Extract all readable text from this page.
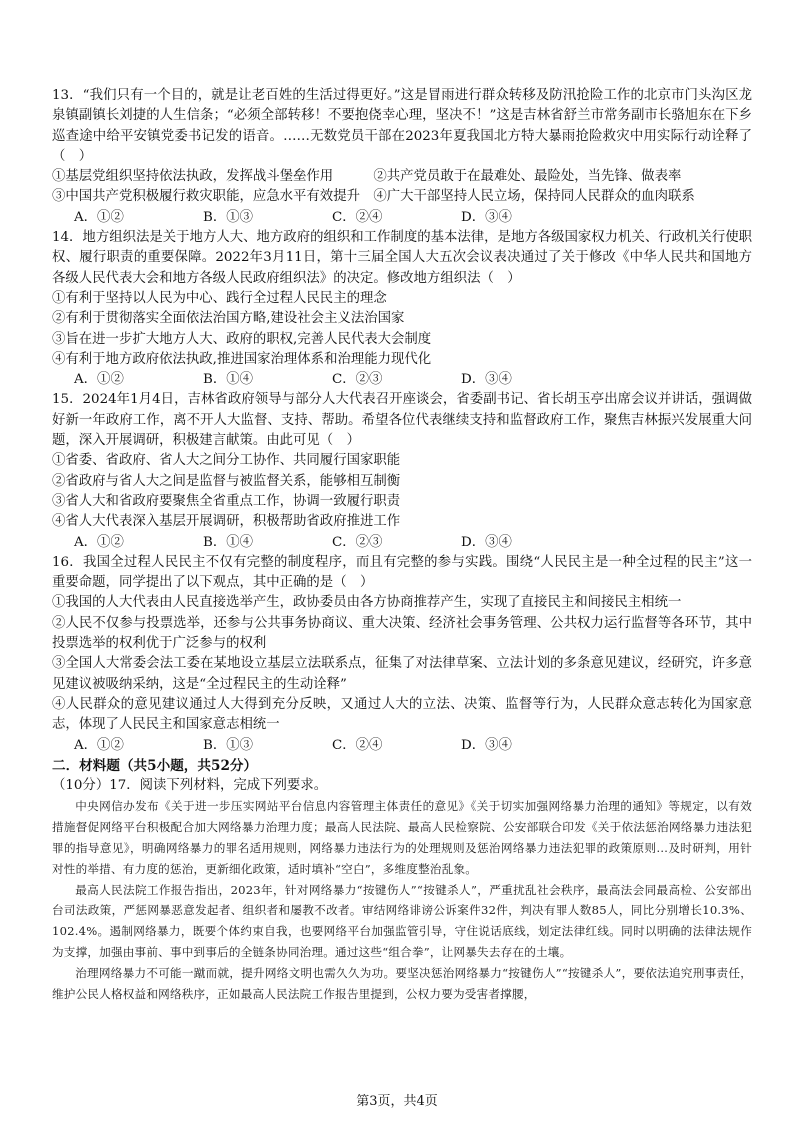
13．“我们只有一个目的，就是让老百姓的生活过得更好。”这是冒雨进行群众转移及防汛抢险工作的北京市门头沟区龙泉镇副镇长刘捷的人生信条；“必须全部转移！不要抱侥幸心理，坚决不！”这是吉林省舒兰市常务副市长骆旭东在下乡巡查途中给平安镇党委书记发的语音。……无数党员干部在2023年夏我国北方特大暴雨抢险救灾中用实际行动诠释了（　）

①基层党组织坚持依法执政，发挥战斗堡垒作用　　　②共产党员敢于在最难处、最险处，当先锋、做表率

③中国共产党积极履行救灾职能，应急水平有效提升　④广大干部坚持人民立场，保持同人民群众的血肉联系

A．①②	B．①③	C．②④	D．③④

14．地方组织法是关于地方人大、地方政府的组织和工作制度的基本法律，是地方各级国家权力机关、行政机关行使职权、履行职责的重要保障。2022年3月11日，第十三届全国人大五次会议表决通过了关于修改《中华人民共和国地方各级人民代表大会和地方各级人民政府组织法》的决定。修改地方组织法（　）

①有利于坚持以人民为中心、践行全过程人民民主的理念

②有利于贯彻落实全面依法治国方略,建设社会主义法治国家

③旨在进一步扩大地方人大、政府的职权,完善人民代表大会制度

④有利于地方政府依法执政,推进国家治理体系和治理能力现代化

A．①②	B．①④	C．②③	D．③④

15．2024年1月4日，吉林省政府领导与部分人大代表召开座谈会，省委副书记、省长胡玉亭出席会议并讲话，强调做好新一年政府工作，离不开人大监督、支持、帮助。希望各位代表继续支持和监督政府工作，聚焦吉林振兴发展重大问题，深入开展调研，积极建言献策。由此可见（　）

①省委、省政府、省人大之间分工协作、共同履行国家职能

②省政府与省人大之间是监督与被监督关系，能够相互制衡

③省人大和省政府要聚焦全省重点工作，协调一致履行职责

④省人大代表深入基层开展调研，积极帮助省政府推进工作

A．①②	B．①④	C．②③	D．③④

16．我国全过程人民民主不仅有完整的制度程序，而且有完整的参与实践。围绕“人民民主是一种全过程的民主”这一重要命题，同学提出了以下观点，其中正确的是（　）

①我国的人大代表由人民直接选举产生，政协委员由各方协商推荐产生，实现了直接民主和间接民主相统一

②人民不仅参与投票选举，还参与公共事务协商议、重大决策、经济社会事务管理、公共权力运行监督等各环节，其中投票选举的权利优于广泛参与的权利

③全国人大常委会法工委在某地设立基层立法联系点，征集了对法律草案、立法计划的多条意见建议，经研究，许多意见建议被吸纳采纳，这是“全过程民主的生动诠释”

④人民群众的意见建议通过人大得到充分反映，又通过人大的立法、决策、监督等行为，人民群众意志转化为国家意志，体现了人民民主和国家意志相统一

A．①②	B．①③	C．②④	D．③④

二．材料题（共5小题，共52分）

（10分）17．阅读下列材料，完成下列要求。

中央网信办发布《关于进一步压实网站平台信息内容管理主体责任的意见》《关于切实加强网络暴力治理的通知》等规定，以有效措施督促网络平台积极配合加大网络暴力治理力度；最高人民法院、最高人民检察院、公安部联合印发《关于依法惩治网络暴力违法犯罪的指导意见》，明确网络暴力的罪名适用规则，网络暴力违法行为的处理规则及惩治网络暴力违法犯罪的政策原则…及时研判，用针对性的举措、有力度的惩治，更新细化政策，适时填补“空白”，多维度整治乱象。

最高人民法院工作报告指出，2023年，针对网络暴力“按键伤人”“按键杀人”，严重扰乱社会秩序，最高法会同最高检、公安部出台司法政策，严惩网暴恶意发起者、组织者和屡教不改者。审结网络诽谤公诉案件32件，判决有罪人数85人，同比分别增长10.3%、102.4%。遏制网络暴力，既要个体约束自我，也要网络平台加强监管引导，守住说话底线，划定法律红线。同时以明确的法律法规作为支撑，加强由事前、事中到事后的全链条协同治理。通过这些“组合拳”，让网暴失去存在的土壤。

治理网络暴力不可能一蹴而就，提升网络文明也需久久为功。要坚决惩治网络暴力“按键伤人”“按键杀人”，要依法追究刑事责任，维护公民人格权益和网络秩序，正如最高人民法院工作报告里提到，公权力要为受害者撑腰，

第3页，共4页
